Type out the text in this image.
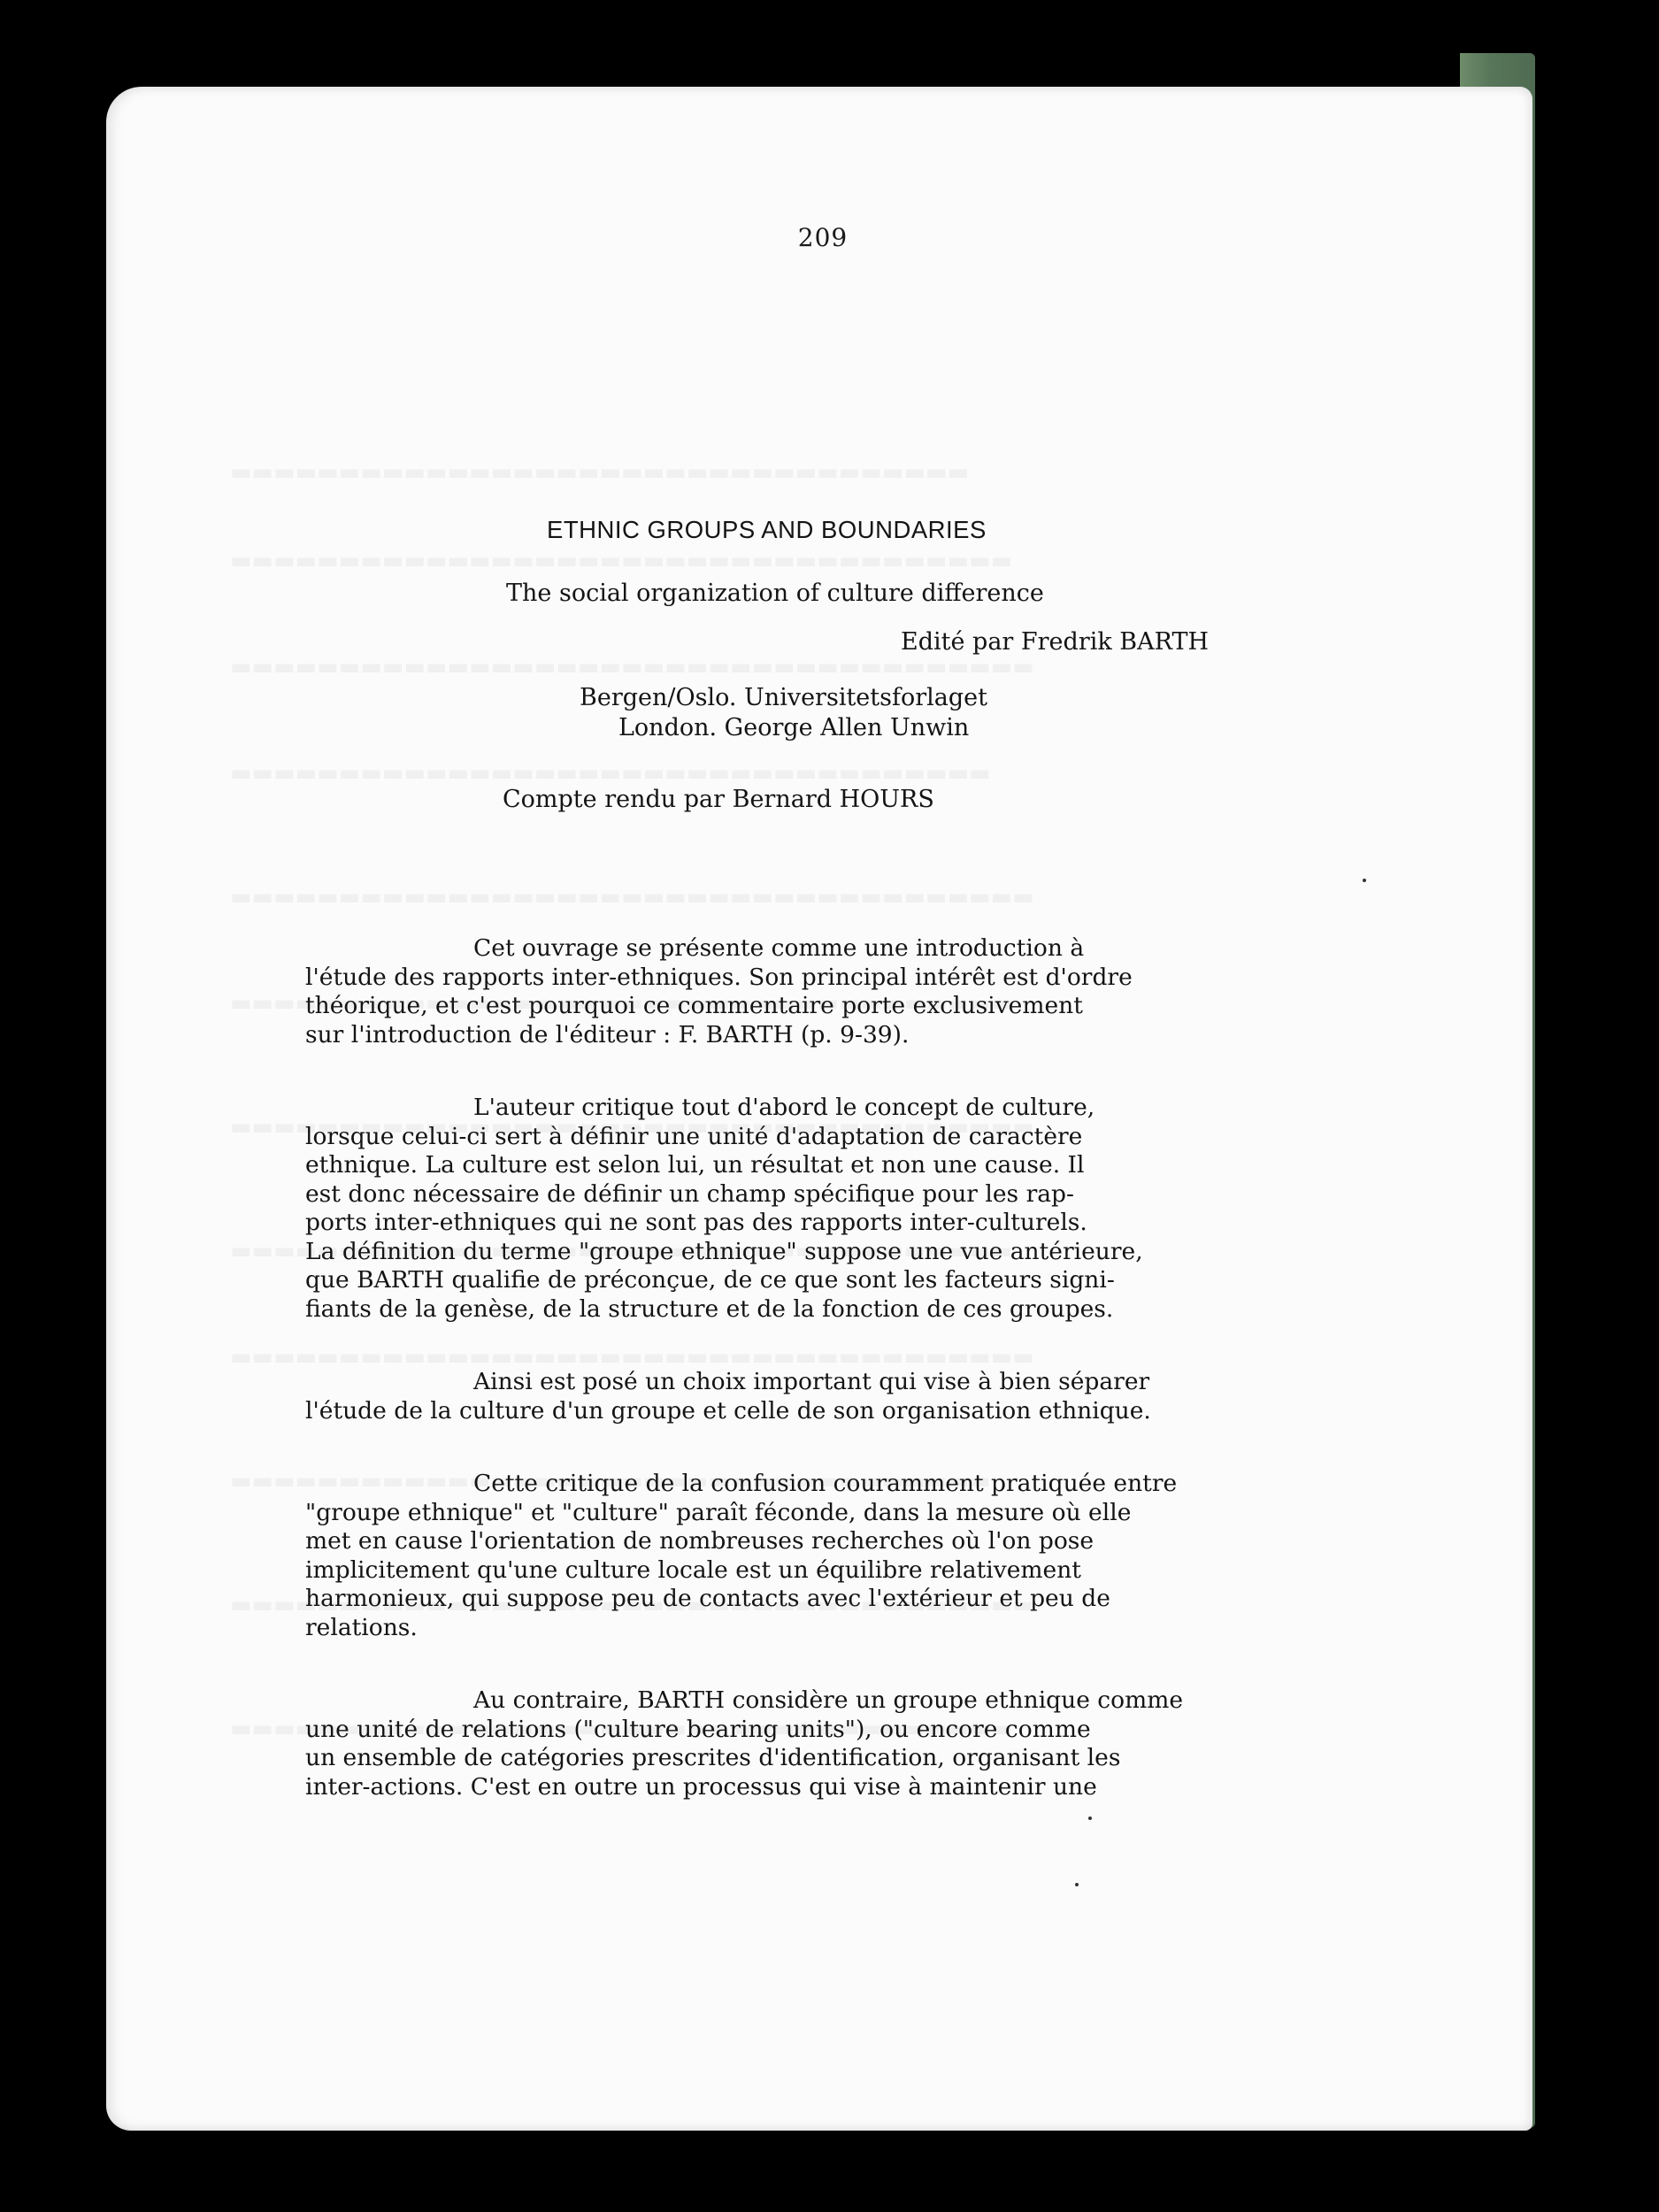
209
ETHNIC GROUPS AND BOUNDARIES

The social organization of culture difference

Edité par Fredrik BARTH

Bergen/Oslo. Universitetsforlaget
London. George Allen Unwin

Compte rendu par Bernard HOURS

Cet ouvrage se présente comme une introduction à
l'étude des rapports inter-ethniques. Son principal intérêt est d'ordre
théorique, et c'est pourquoi ce commentaire porte exclusivement
sur l'introduction de l'éditeur : F. BARTH (p. 9-39).

L'auteur critique tout d'abord le concept de culture,
lorsque celui-ci sert à définir une unité d'adaptation de caractère
ethnique. La culture est selon lui, un résultat et non une cause. Il
est donc nécessaire de définir un champ spécifique pour les rap-
ports inter-ethniques qui ne sont pas des rapports inter-culturels.
La définition du terme "groupe ethnique" suppose une vue antérieure,
que BARTH qualifie de préconçue, de ce que sont les facteurs signi-
fiants de la genèse, de la structure et de la fonction de ces groupes.

Ainsi est posé un choix important qui vise à bien séparer
l'étude de la culture d'un groupe et celle de son organisation ethnique.

Cette critique de la confusion couramment pratiquée entre
"groupe ethnique" et "culture" paraît féconde, dans la mesure où elle
met en cause l'orientation de nombreuses recherches où l'on pose
implicitement qu'une culture locale est un équilibre relativement
harmonieux, qui suppose peu de contacts avec l'extérieur et peu de
relations.

Au contraire, BARTH considère un groupe ethnique comme
une unité de relations ("culture bearing units"), ou encore comme
un ensemble de catégories prescrites d'identification, organisant les
inter-actions. C'est en outre un processus qui vise à maintenir une
